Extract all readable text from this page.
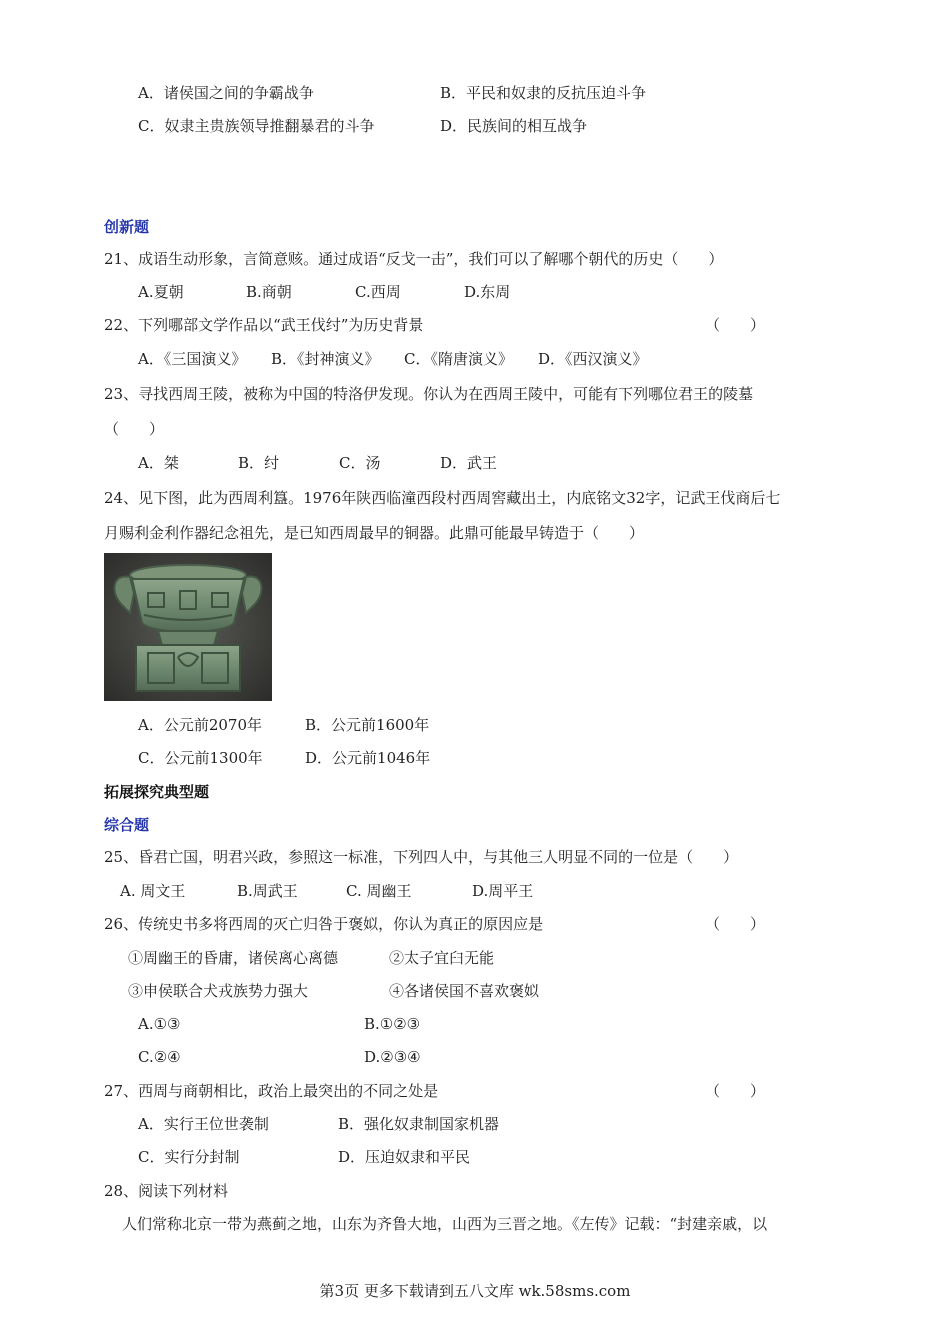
A．诸侯国之间的争霸战争	B．平民和奴隶的反抗压迫斗争
C．奴隶主贵族领导推翻暴君的斗争	D．民族间的相互战争
创新题
21、成语生动形象，言简意赅。通过成语“反戈一击”，我们可以了解哪个朝代的历史（　　）
A.夏朝	B.商朝	C.西周	D.东周
22、下列哪部文学作品以“武王伐纣”为历史背景	（　　）
A．《三国演义》 B．《封神演义》 C．《隋唐演义》 D．《西汉演义》
23、寻找西周王陵，被称为中国的特洛伊发现。你认为在西周王陵中，可能有下列哪位君王的陵墓
（　　）
A．桀	B．纣	C．汤	D．武王
24、见下图，此为西周利簋。1976年陕西临潼西段村西周窖藏出土，内底铭文32字，记武王伐商后七
月赐利金利作器纪念祖先，是已知西周最早的铜器。此鼎可能最早铸造于（　　）
A．公元前2070年	B．公元前1600年
C．公元前1300年	D．公元前1046年
拓展探究典型题
综合题
25、昏君亡国，明君兴政，参照这一标准，下列四人中，与其他三人明显不同的一位是（　　）
A. 周文王	B.周武王	C. 周幽王	D.周平王
26、传统史书多将西周的灭亡归咎于褒姒，你认为真正的原因应是	（　　）
①周幽王的昏庸，诸侯离心离德	②太子宜臼无能
③申侯联合犬戎族势力强大	④各诸侯国不喜欢褒姒
A.①③	B.①②③
C.②④	D.②③④
27、西周与商朝相比，政治上最突出的不同之处是	（　　）
A．实行王位世袭制	B．强化奴隶制国家机器
C．实行分封制	D．压迫奴隶和平民
28、阅读下列材料
人们常称北京一带为燕蓟之地，山东为齐鲁大地，山西为三晋之地。《左传》记载：“封建亲戚，以
第3页 更多下载请到五八文库 wk.58sms.com
